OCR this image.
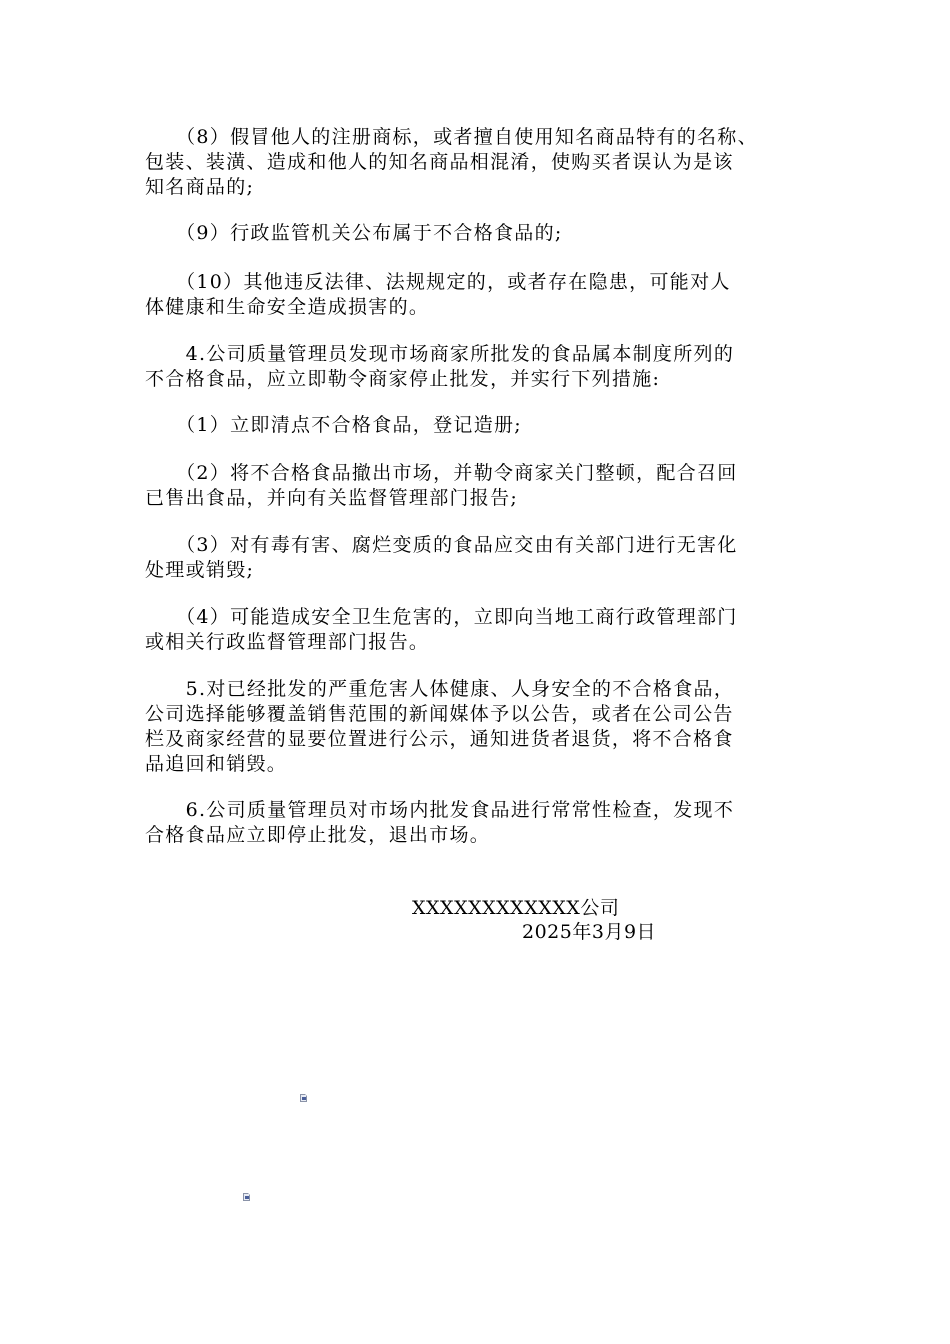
　　（8）假冒他人的注册商标，或者擅自使用知名商品特有的名称、
包装、装潢、造成和他人的知名商品相混淆，使购买者误认为是该
知名商品的;

　　（9）行政监管机关公布属于不合格食品的;

　　（10）其他违反法律、法规规定的，或者存在隐患，可能对人
体健康和生命安全造成损害的。

　　4.公司质量管理员发现市场商家所批发的食品属本制度所列的
不合格食品，应立即勒令商家停止批发，并实行下列措施:

　　（1）立即清点不合格食品，登记造册;

　　（2）将不合格食品撤出市场，并勒令商家关门整顿，配合召回
已售出食品，并向有关监督管理部门报告;

　　（3）对有毒有害、腐烂变质的食品应交由有关部门进行无害化
处理或销毁;

　　（4）可能造成安全卫生危害的，立即向当地工商行政管理部门
或相关行政监督管理部门报告。

　　5.对已经批发的严重危害人体健康、人身安全的不合格食品，
公司选择能够覆盖销售范围的新闻媒体予以公告，或者在公司公告
栏及商家经营的显要位置进行公示，通知进货者退货，将不合格食
品追回和销毁。

　　6.公司质量管理员对市场内批发食品进行常常性检查，发现不
合格食品应立即停止批发，退出市场。

XXXXXXXXXXXX公司
2025年3月9日
